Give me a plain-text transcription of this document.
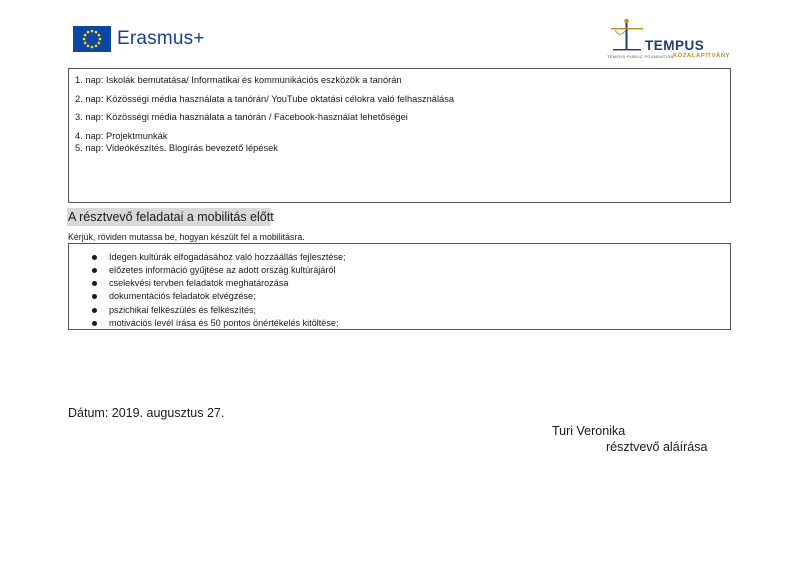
Erasmus+	TEMPUS
TEMPUS PUBLIC FOUNDATION KÖZALAPÍTVÁNY
1. nap: Iskolák bemutatása/ Informatikai és kommunikációs eszközök a tanórán
2. nap: Közösségi média használata a tanórán/ YouTube oktatási célokra való felhasználása
3. nap: Közösségi média használata a tanórán / Facebook-használat lehetőségei
4. nap: Projektmunkák
5. nap: Videókészítés. Blogírás bevezető lépések
A résztvevő feladatai a mobilitás előtt
Kérjük, röviden mutassa be, hogyan készült fel a mobilitásra.
Idegen kultúrák elfogadásához való hozzáállás fejlesztése;
előzetes információ gyűjtése az adott ország kultúrájáról
cselekvési tervben feladatok meghatározása
dokumentációs feladatok elvégzése;
pszichikai felkészülés és felkészítés;
motivációs levél írása és 50 pontos önértékelés kitöltése;
Dátum: 2019. augusztus 27.
Turi Veronika
résztvevő aláírása
